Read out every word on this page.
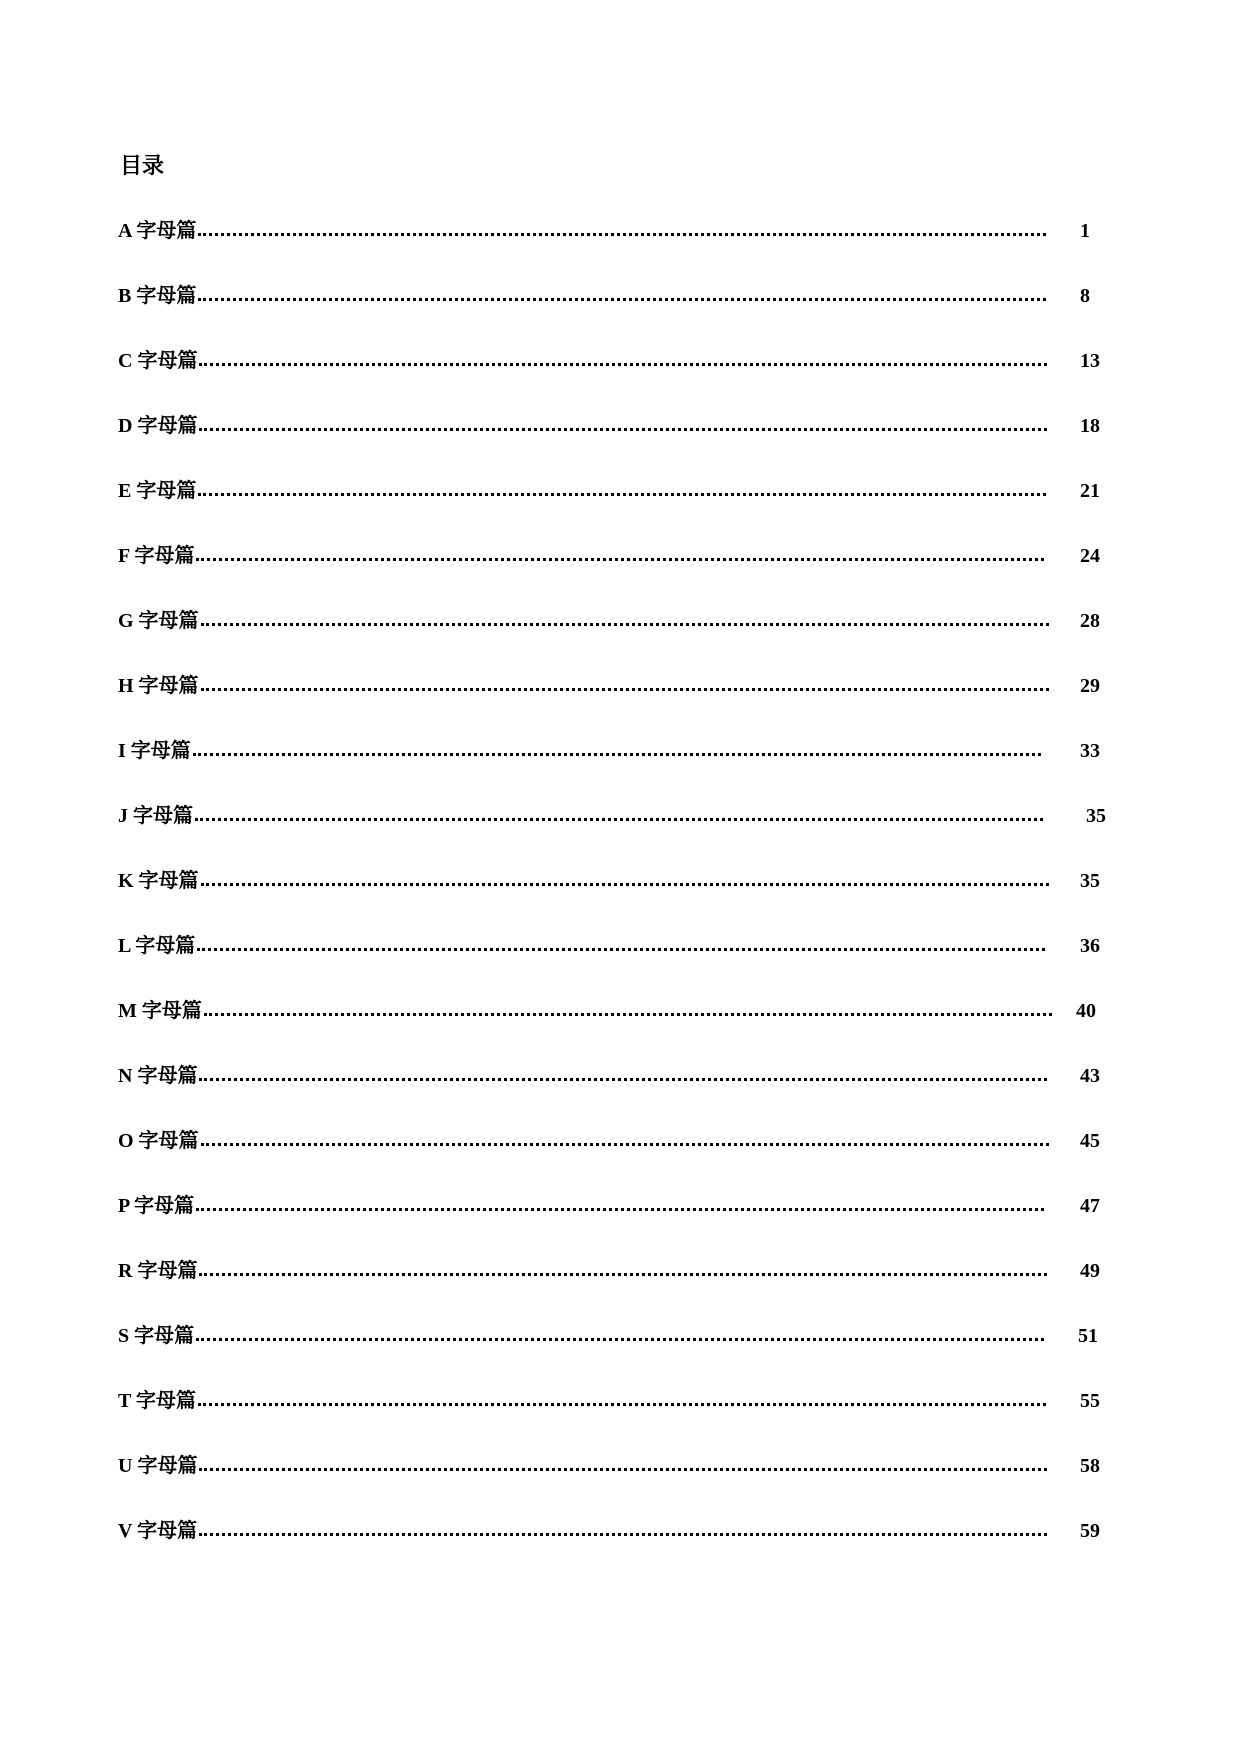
目录
A 字母篇	1
B 字母篇	8
C 字母篇	13
D 字母篇	18
E 字母篇	21
F 字母篇	24
G 字母篇	28
H 字母篇	29
I 字母篇	33
J 字母篇	35
K 字母篇	35
L 字母篇	36
M 字母篇	40
N 字母篇	43
O 字母篇	45
P 字母篇	47
R 字母篇	49
S 字母篇	51
T 字母篇	55
U 字母篇	58
V 字母篇	59
